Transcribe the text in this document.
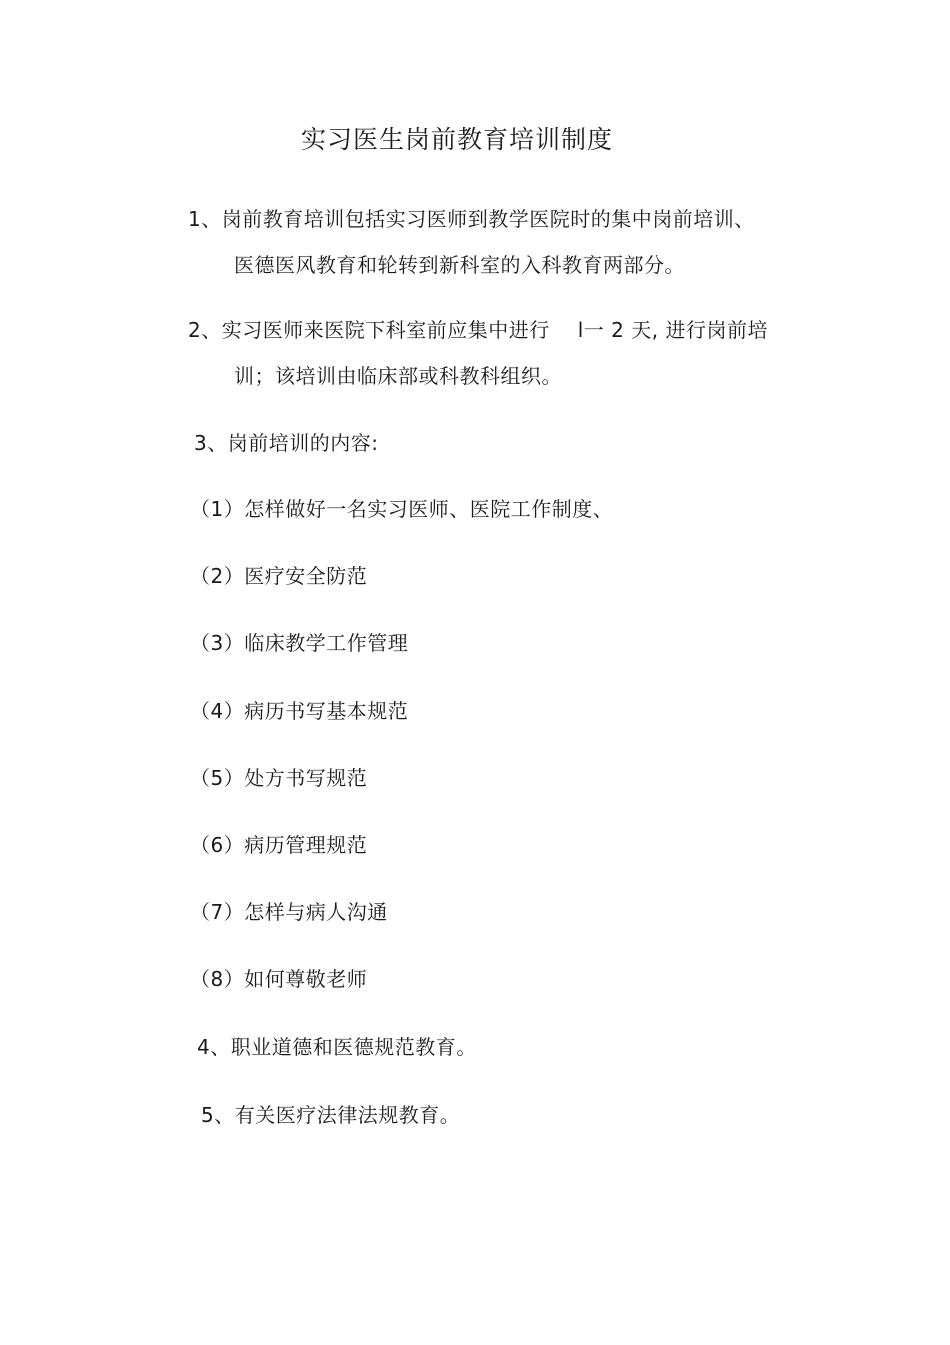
实习医生岗前教育培训制度
1、岗前教育培训包括实习医师到教学医院时的集中岗前培训、
医德医风教育和轮转到新科室的入科教育两部分。
2、实习医师来医院下科室前应集中进行 l一 2 天, 进行岗前培
训；该培训由临床部或科教科组织。
3、岗前培训的内容:
（1）怎样做好一名实习医师、医院工作制度、
（2）医疗安全防范
（3）临床教学工作管理
（4）病历书写基本规范
（5）处方书写规范
（6）病历管理规范
（7）怎样与病人沟通
（8）如何尊敬老师
4、职业道德和医德规范教育。
5、有关医疗法律法规教育。
